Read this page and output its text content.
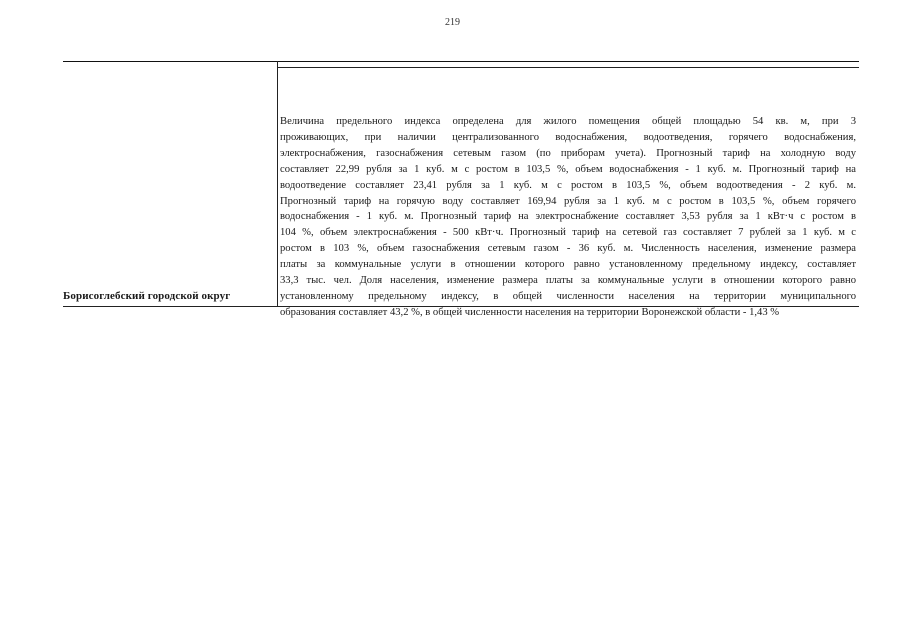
219
Борисоглебский городской округ
Величина предельного индекса определена для жилого помещения общей площадью 54 кв. м, при 3
проживающих, при наличии централизованного водоснабжения, водоотведения, горячего водоснабжения,
электроснабжения, газоснабжения сетевым газом (по приборам учета). Прогнозный тариф на холодную воду
составляет 22,99 рубля за 1 куб. м с ростом в 103,5 %, объем водоснабжения - 1 куб. м. Прогнозный тариф на
водоотведение составляет 23,41 рубля за 1 куб. м с ростом в 103,5 %, объем водоотведения - 2 куб. м.
Прогнозный тариф на горячую воду составляет 169,94 рубля за 1 куб. м с ростом в 103,5 %, объем горячего
водоснабжения - 1 куб. м. Прогнозный тариф на электроснабжение составляет 3,53 рубля за 1 кВт·ч с ростом в
104 %, объем электроснабжения - 500 кВт·ч. Прогнозный тариф на сетевой газ составляет 7 рублей за 1 куб. м с
ростом в 103 %, объем газоснабжения сетевым газом - 36 куб. м. Численность населения, изменение размера
платы за коммунальные услуги в отношении которого равно установленному предельному индексу, составляет
33,3 тыс. чел. Доля населения, изменение размера платы за коммунальные услуги в отношении которого равно
установленному предельному индексу, в общей численности населения на территории муниципального
образования составляет 43,2 %, в общей численности населения на территории Воронежской области - 1,43 %
